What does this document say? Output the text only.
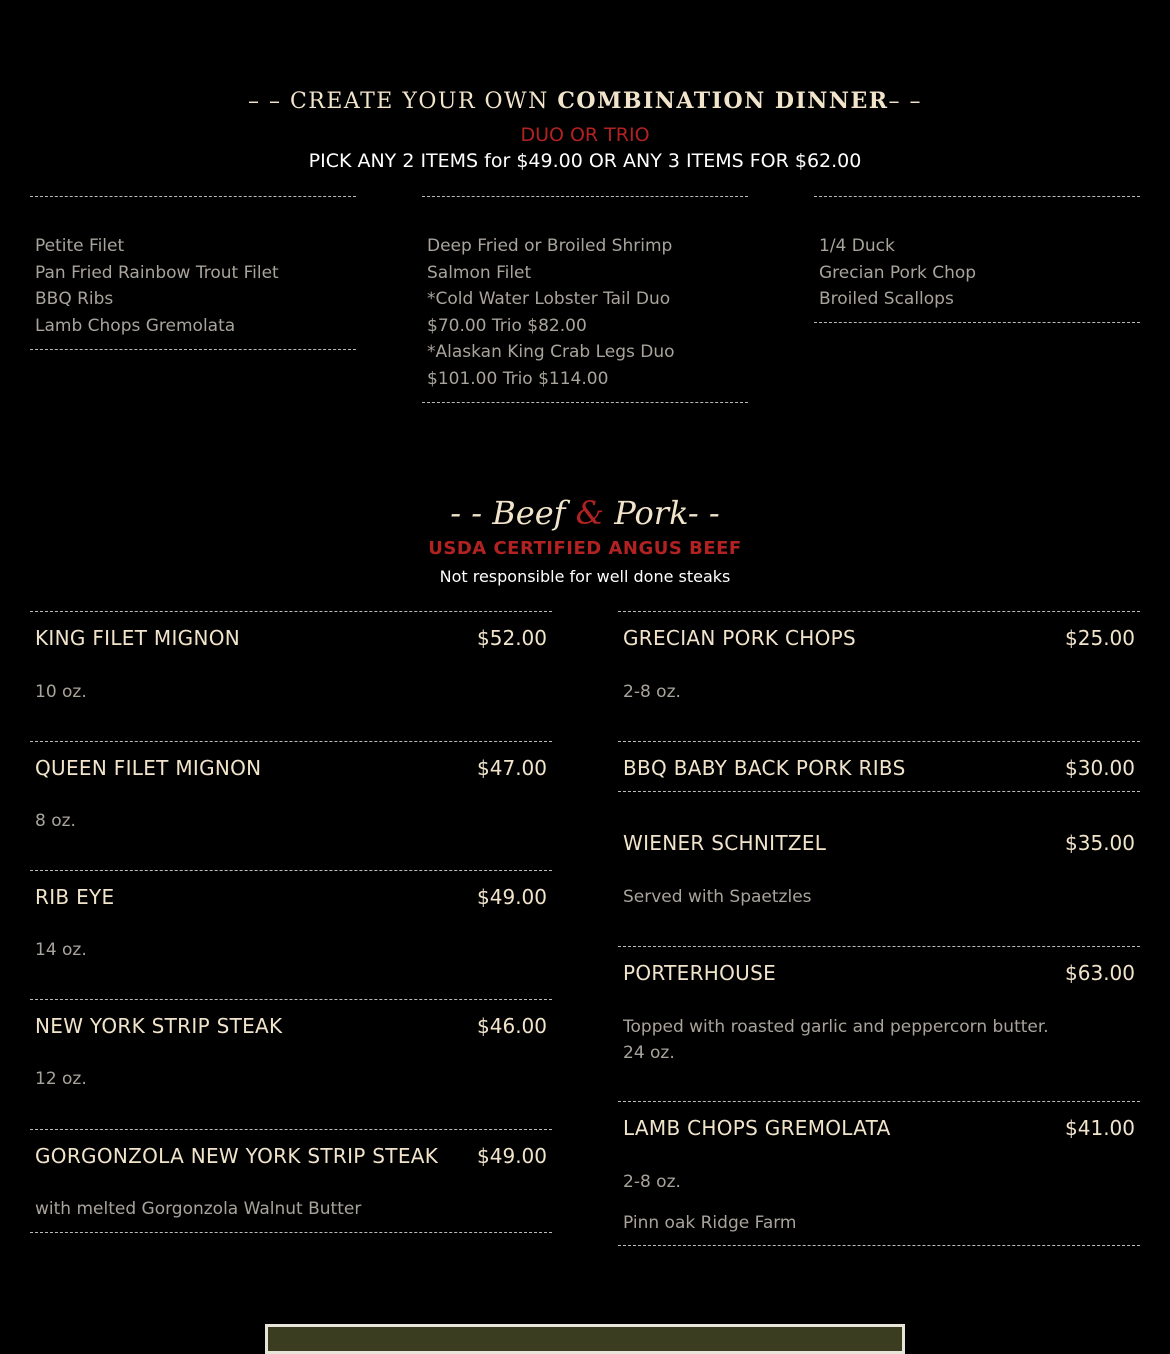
– – CREATE YOUR OWN COMBINATION DINNER– –
DUO OR TRIO
PICK ANY 2 ITEMS for $49.00 OR ANY 3 ITEMS FOR $62.00
Petite Filet
Pan Fried Rainbow Trout Filet
BBQ Ribs
Lamb Chops Gremolata
Deep Fried or Broiled Shrimp
Salmon Filet
*Cold Water Lobster Tail Duo
$70.00 Trio $82.00
*Alaskan King Crab Legs Duo
$101.00 Trio $114.00
1/4 Duck
Grecian Pork Chop
Broiled Scallops
- - Beef & Pork- -
USDA CERTIFIED ANGUS BEEF
Not responsible for well done steaks
KING FILET MIGNON	$52.00
10 oz.
QUEEN FILET MIGNON	$47.00
8 oz.
RIB EYE	$49.00
14 oz.
NEW YORK STRIP STEAK	$46.00
12 oz.
GORGONZOLA NEW YORK STRIP STEAK $49.00
with melted Gorgonzola Walnut Butter
GRECIAN PORK CHOPS	$25.00
2-8 oz.
BBQ BABY BACK PORK RIBS	$30.00
WIENER SCHNITZEL	$35.00
Served with Spaetzles
PORTERHOUSE	$63.00
Topped with roasted garlic and peppercorn butter. 24 oz.
LAMB CHOPS GREMOLATA	$41.00
2-8 oz.
Pinn oak Ridge Farm
